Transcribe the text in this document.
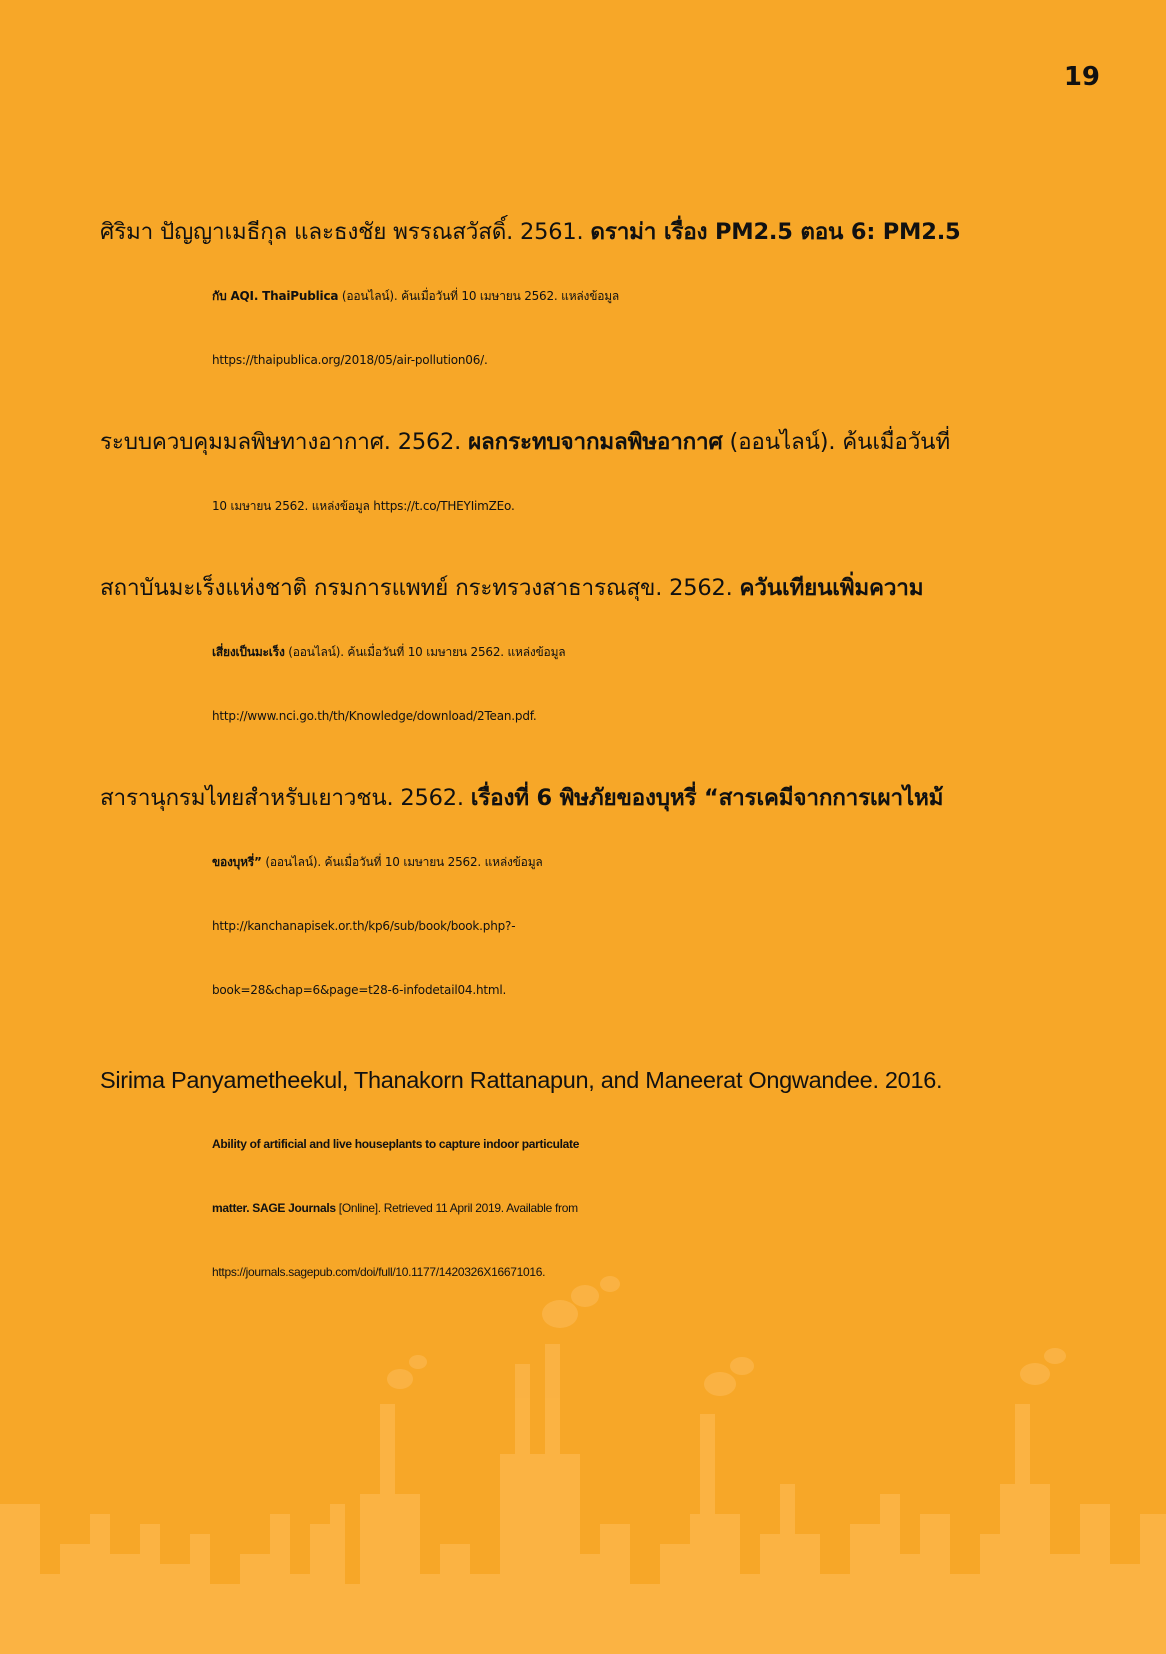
19
ศิริมา ปัญญาเมธีกุล และธงชัย พรรณสวัสดิ์. 2561. ดราม่า เรื่อง PM2.5 ตอน 6: PM2.5
กับ AQI. ThaiPublica (ออนไลน์). ค้นเมื่อวันที่ 10 เมษายน 2562. แหล่งข้อมูล
https://thaipublica.org/2018/05/air-pollution06/.
ระบบควบคุมมลพิษทางอากาศ. 2562. ผลกระทบจากมลพิษอากาศ (ออนไลน์). ค้นเมื่อวันที่
10 เมษายน 2562. แหล่งข้อมูล https://t.co/THEYIimZEo.
สถาบันมะเร็งแห่งชาติ กรมการแพทย์ กระทรวงสาธารณสุข. 2562. ควันเทียนเพิ่มความ
เสี่ยงเป็นมะเร็ง (ออนไลน์). ค้นเมื่อวันที่ 10 เมษายน 2562. แหล่งข้อมูล
http://www.nci.go.th/th/Knowledge/download/2Tean.pdf.
สารานุกรมไทยสำหรับเยาวชน. 2562. เรื่องที่ 6 พิษภัยของบุหรี่ “สารเคมีจากการเผาไหม้
ของบุหรี่” (ออนไลน์). ค้นเมื่อวันที่ 10 เมษายน 2562. แหล่งข้อมูล
http://kanchanapisek.or.th/kp6/sub/book/book.php?-
book=28&chap=6&page=t28-6-infodetail04.html.
Sirima Panyametheekul, Thanakorn Rattanapun, and Maneerat Ongwandee. 2016.
Ability of artificial and live houseplants to capture indoor particulate
matter. SAGE Journals [Online]. Retrieved 11 April 2019. Available from
https://journals.sagepub.com/doi/full/10.1177/1420326X16671016.
